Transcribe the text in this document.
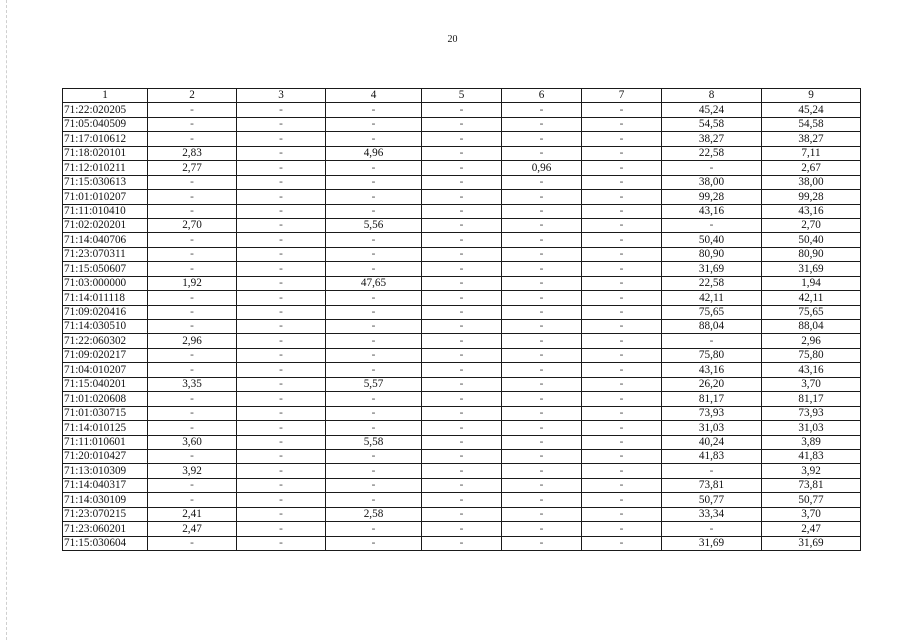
20
1	2	3	4	5	6	7	8	9
71:22:020205	-	-	-	-	-	-	45,24	45,24
71:05:040509	-	-	-	-	-	-	54,58	54,58
71:17:010612	-	-	-	-	-	-	38,27	38,27
71:18:020101	2,83	-	4,96	-	-	-	22,58	7,11
71:12:010211	2,77	-	-	-	0,96	-	-	2,67
71:15:030613	-	-	-	-	-	-	38,00	38,00
71:01:010207	-	-	-	-	-	-	99,28	99,28
71:11:010410	-	-	-	-	-	-	43,16	43,16
71:02:020201	2,70	-	5,56	-	-	-	-	2,70
71:14:040706	-	-	-	-	-	-	50,40	50,40
71:23:070311	-	-	-	-	-	-	80,90	80,90
71:15:050607	-	-	-	-	-	-	31,69	31,69
71:03:000000	1,92	-	47,65	-	-	-	22,58	1,94
71:14:011118	-	-	-	-	-	-	42,11	42,11
71:09:020416	-	-	-	-	-	-	75,65	75,65
71:14:030510	-	-	-	-	-	-	88,04	88,04
71:22:060302	2,96	-	-	-	-	-	-	2,96
71:09:020217	-	-	-	-	-	-	75,80	75,80
71:04:010207	-	-	-	-	-	-	43,16	43,16
71:15:040201	3,35	-	5,57	-	-	-	26,20	3,70
71:01:020608	-	-	-	-	-	-	81,17	81,17
71:01:030715	-	-	-	-	-	-	73,93	73,93
71:14:010125	-	-	-	-	-	-	31,03	31,03
71:11:010601	3,60	-	5,58	-	-	-	40,24	3,89
71:20:010427	-	-	-	-	-	-	41,83	41,83
71:13:010309	3,92	-	-	-	-	-	-	3,92
71:14:040317	-	-	-	-	-	-	73,81	73,81
71:14:030109	-	-	-	-	-	-	50,77	50,77
71:23:070215	2,41	-	2,58	-	-	-	33,34	3,70
71:23:060201	2,47	-	-	-	-	-	-	2,47
71:15:030604	-	-	-	-	-	-	31,69	31,69
